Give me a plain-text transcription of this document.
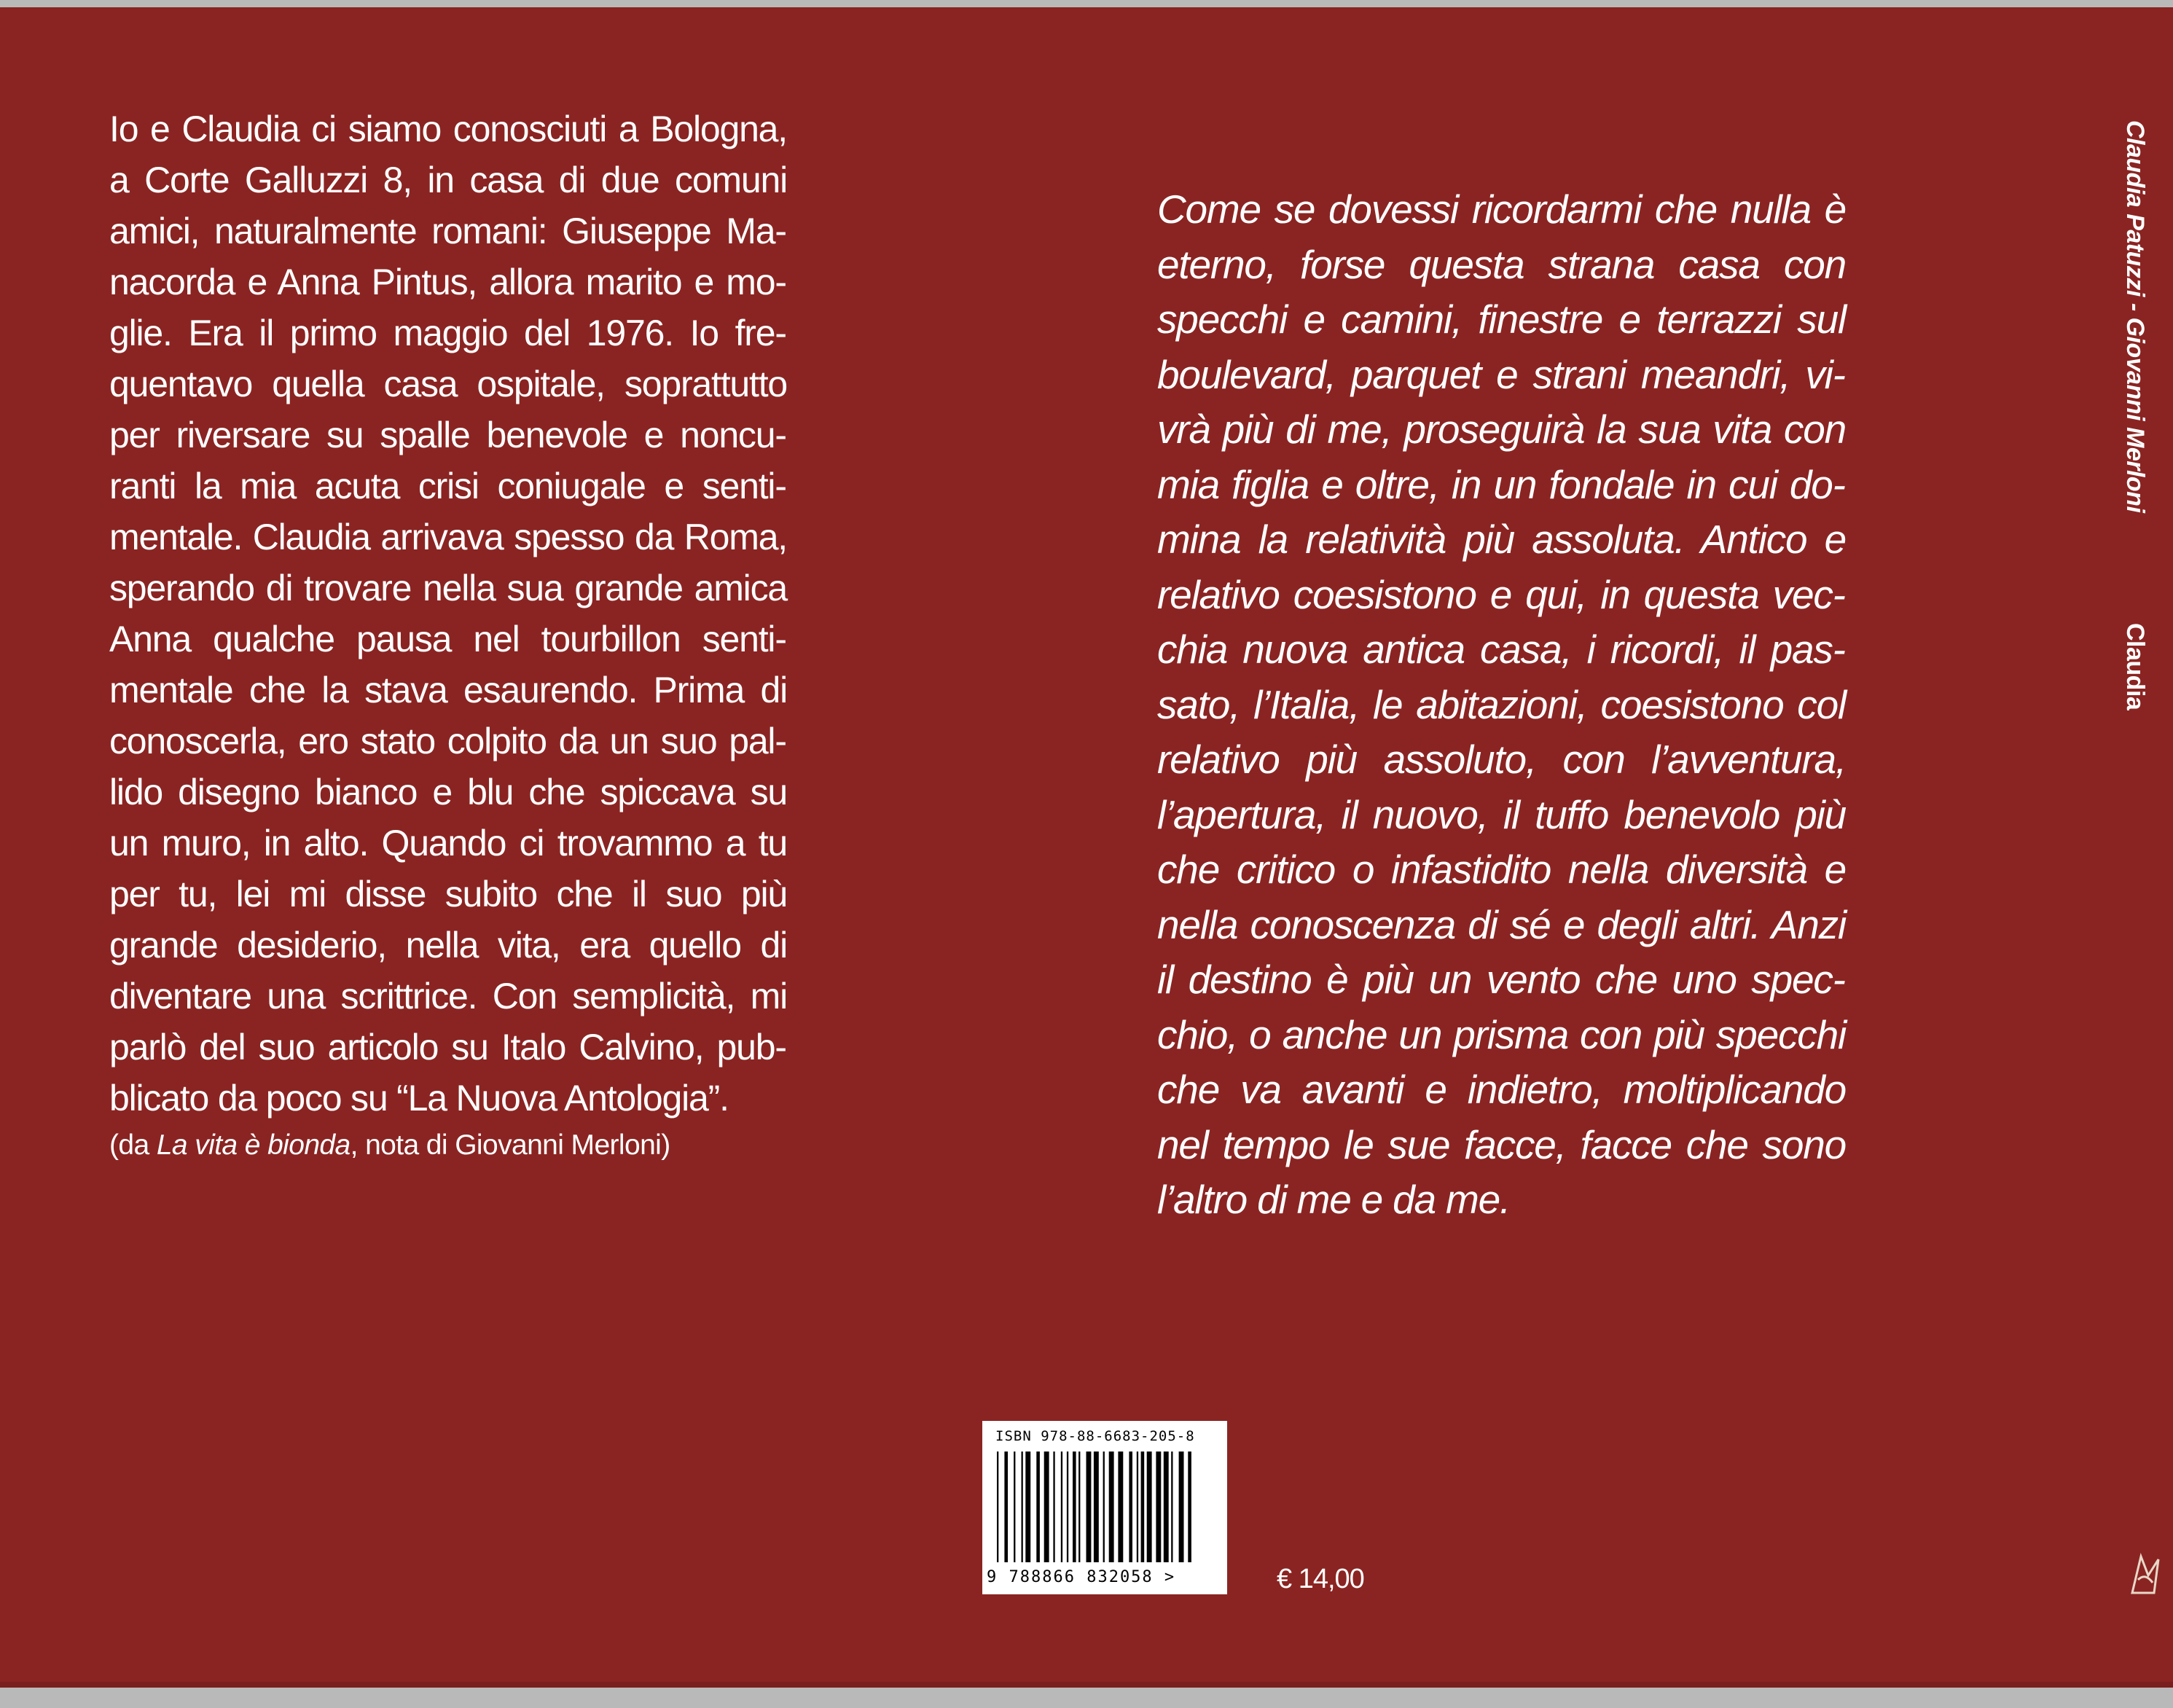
Io e Claudia ci siamo conosciuti a Bologna, a Corte Galluzzi 8, in casa di due comuni amici, naturalmente romani: Giuseppe Manacorda e Anna Pintus, allora marito e moglie. Era il primo maggio del 1976. Io frequentavo quella casa ospitale, soprattutto per riversare su spalle benevole e noncuranti la mia acuta crisi coniugale e sentimentale. Claudia arrivava spesso da Roma, sperando di trovare nella sua grande amica Anna qualche pausa nel tourbillon sentimentale che la stava esaurendo. Prima di conoscerla, ero stato colpito da un suo pallido disegno bianco e blu che spiccava su un muro, in alto. Quando ci trovammo a tu per tu, lei mi disse subito che il suo più grande desiderio, nella vita, era quello di diventare una scrittrice. Con semplicità, mi parlò del suo articolo su Italo Calvino, pubblicato da poco su “La Nuova Antologia”.

(da La vita è bionda, nota di Giovanni Merloni)

Come se dovessi ricordarmi che nulla è eterno, forse questa strana casa con specchi e camini, finestre e terrazzi sul boulevard, parquet e strani meandri, vivrà più di me, proseguirà la sua vita con mia figlia e oltre, in un fondale in cui domina la relatività più assoluta. Antico e relativo coesistono e qui, in questa vecchia nuova antica casa, i ricordi, il passato, l’Italia, le abitazioni, coesistono col relativo più assoluto, con l’avventura, l’apertura, il nuovo, il tuffo benevolo più che critico o infastidito nella diversità e nella conoscenza di sé e degli altri. Anzi il destino è più un vento che uno specchio, o anche un prisma con più specchi che va avanti e indietro, moltiplicando nel tempo le sue facce, facce che sono l’altro di me e da me.

Claudia Patuzzi - Giovanni Merloni
Claudia
ISBN 978-88-6683-205-8
9 788866 832058 >	€ 14,00
